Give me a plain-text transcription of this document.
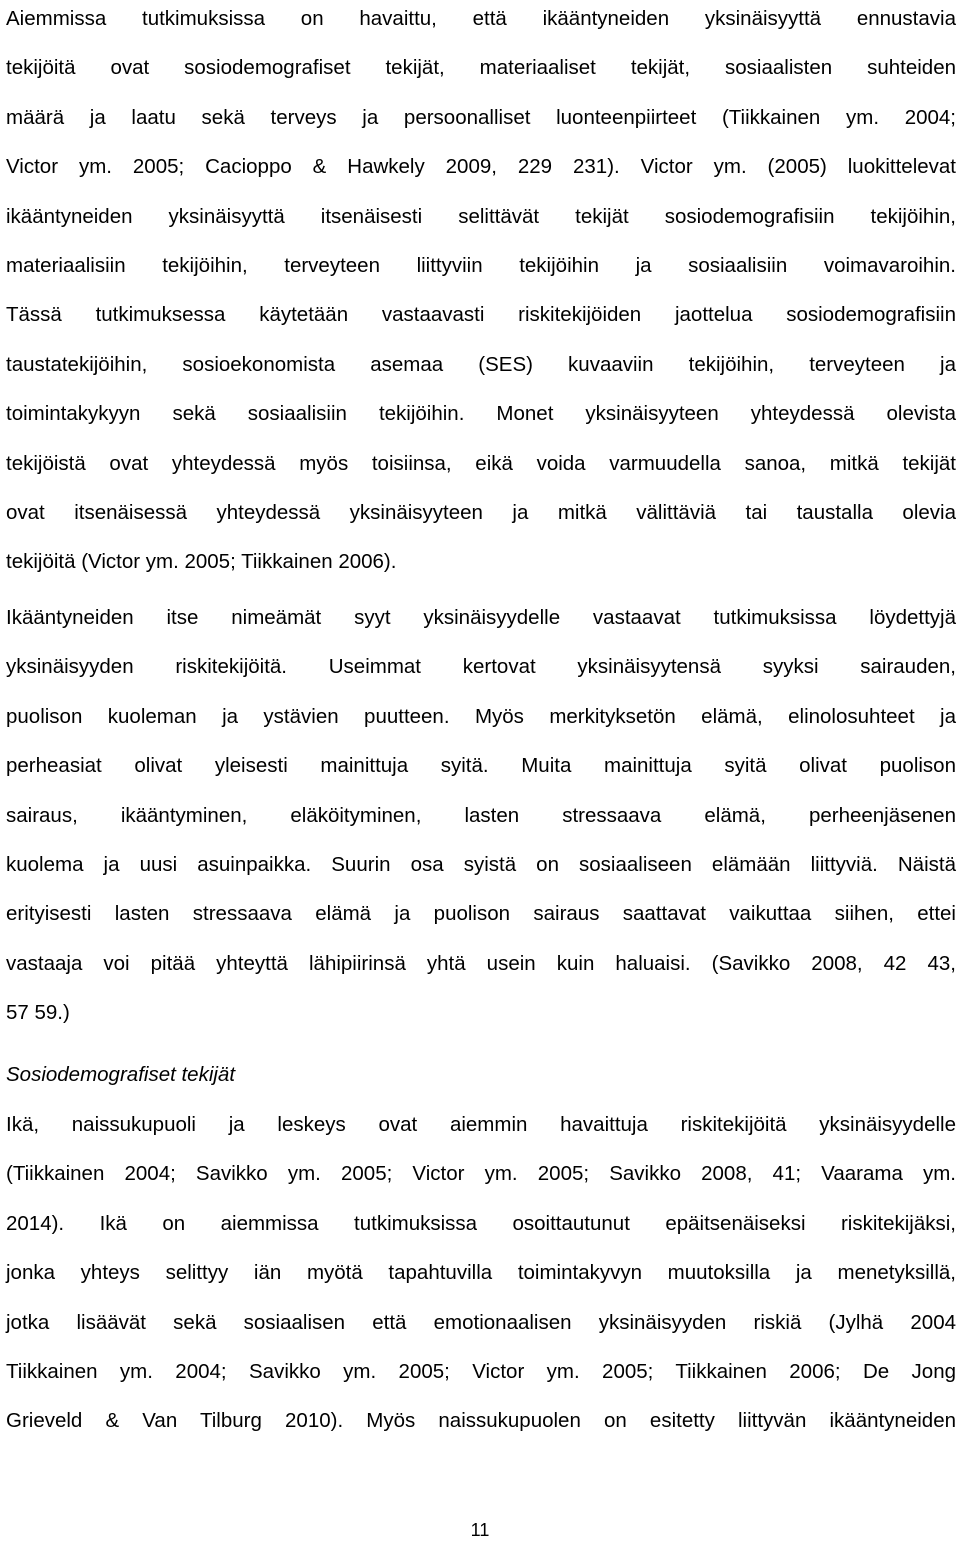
Aiemmissa tutkimuksissa on havaittu, että ikääntyneiden yksinäisyyttä ennustavia
tekijöitä ovat sosiodemografiset tekijät, materiaaliset tekijät, sosiaalisten suhteiden
määrä ja laatu sekä terveys ja persoonalliset luonteenpiirteet (Tiikkainen ym. 2004;
Victor ym. 2005; Cacioppo & Hawkely 2009, 229 231). Victor ym. (2005) luokittelevat
ikääntyneiden yksinäisyyttä itsenäisesti selittävät tekijät sosiodemografisiin tekijöihin,
materiaalisiin tekijöihin, terveyteen liittyviin tekijöihin ja sosiaalisiin voimavaroihin.
Tässä tutkimuksessa käytetään vastaavasti riskitekijöiden jaottelua sosiodemografisiin
taustatekijöihin, sosioekonomista asemaa (SES) kuvaaviin tekijöihin, terveyteen ja
toimintakykyyn sekä sosiaalisiin tekijöihin. Monet yksinäisyyteen yhteydessä olevista
tekijöistä ovat yhteydessä myös toisiinsa, eikä voida varmuudella sanoa, mitkä tekijät
ovat itsenäisessä yhteydessä yksinäisyyteen ja mitkä välittäviä tai taustalla olevia
tekijöitä (Victor ym. 2005; Tiikkainen 2006).
Ikääntyneiden itse nimeämät syyt yksinäisyydelle vastaavat tutkimuksissa löydettyjä
yksinäisyyden riskitekijöitä. Useimmat kertovat yksinäisyytensä syyksi sairauden,
puolison kuoleman ja ystävien puutteen. Myös merkityksetön elämä, elinolosuhteet ja
perheasiat olivat yleisesti mainittuja syitä. Muita mainittuja syitä olivat puolison
sairaus, ikääntyminen, eläköityminen, lasten stressaava elämä, perheenjäsenen
kuolema ja uusi asuinpaikka. Suurin osa syistä on sosiaaliseen elämään liittyviä. Näistä
erityisesti lasten stressaava elämä ja puolison sairaus saattavat vaikuttaa siihen, ettei
vastaaja voi pitää yhteyttä lähipiirinsä yhtä usein kuin haluaisi. (Savikko 2008, 42 43,
57 59.)

Sosiodemografiset tekijät

Ikä, naissukupuoli ja leskeys ovat aiemmin havaittuja riskitekijöitä yksinäisyydelle
(Tiikkainen 2004; Savikko ym. 2005; Victor ym. 2005; Savikko 2008, 41; Vaarama ym.
2014). Ikä on aiemmissa tutkimuksissa osoittautunut epäitsenäiseksi riskitekijäksi,
jonka yhteys selittyy iän myötä tapahtuvilla toimintakyvyn muutoksilla ja menetyksillä,
jotka lisäävät sekä sosiaalisen että emotionaalisen yksinäisyyden riskiä (Jylhä 2004
Tiikkainen ym. 2004; Savikko ym. 2005; Victor ym. 2005; Tiikkainen 2006; De Jong
Grieveld & Van Tilburg 2010). Myös naissukupuolen on esitetty liittyvän ikääntyneiden

11
